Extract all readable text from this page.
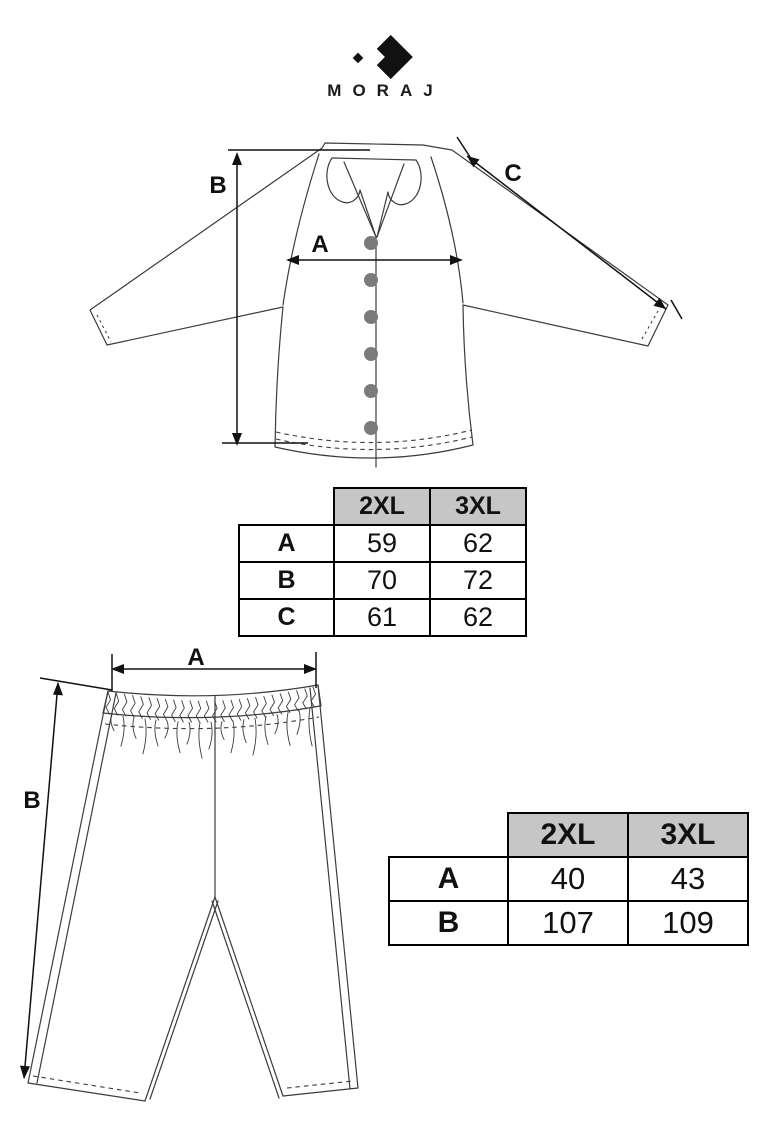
MORAJ
B
A
C
	2XL	3XL
A	59	62
B	70	72
C	61	62
A
B
	2XL	3XL
A	40	43
B	107	109
